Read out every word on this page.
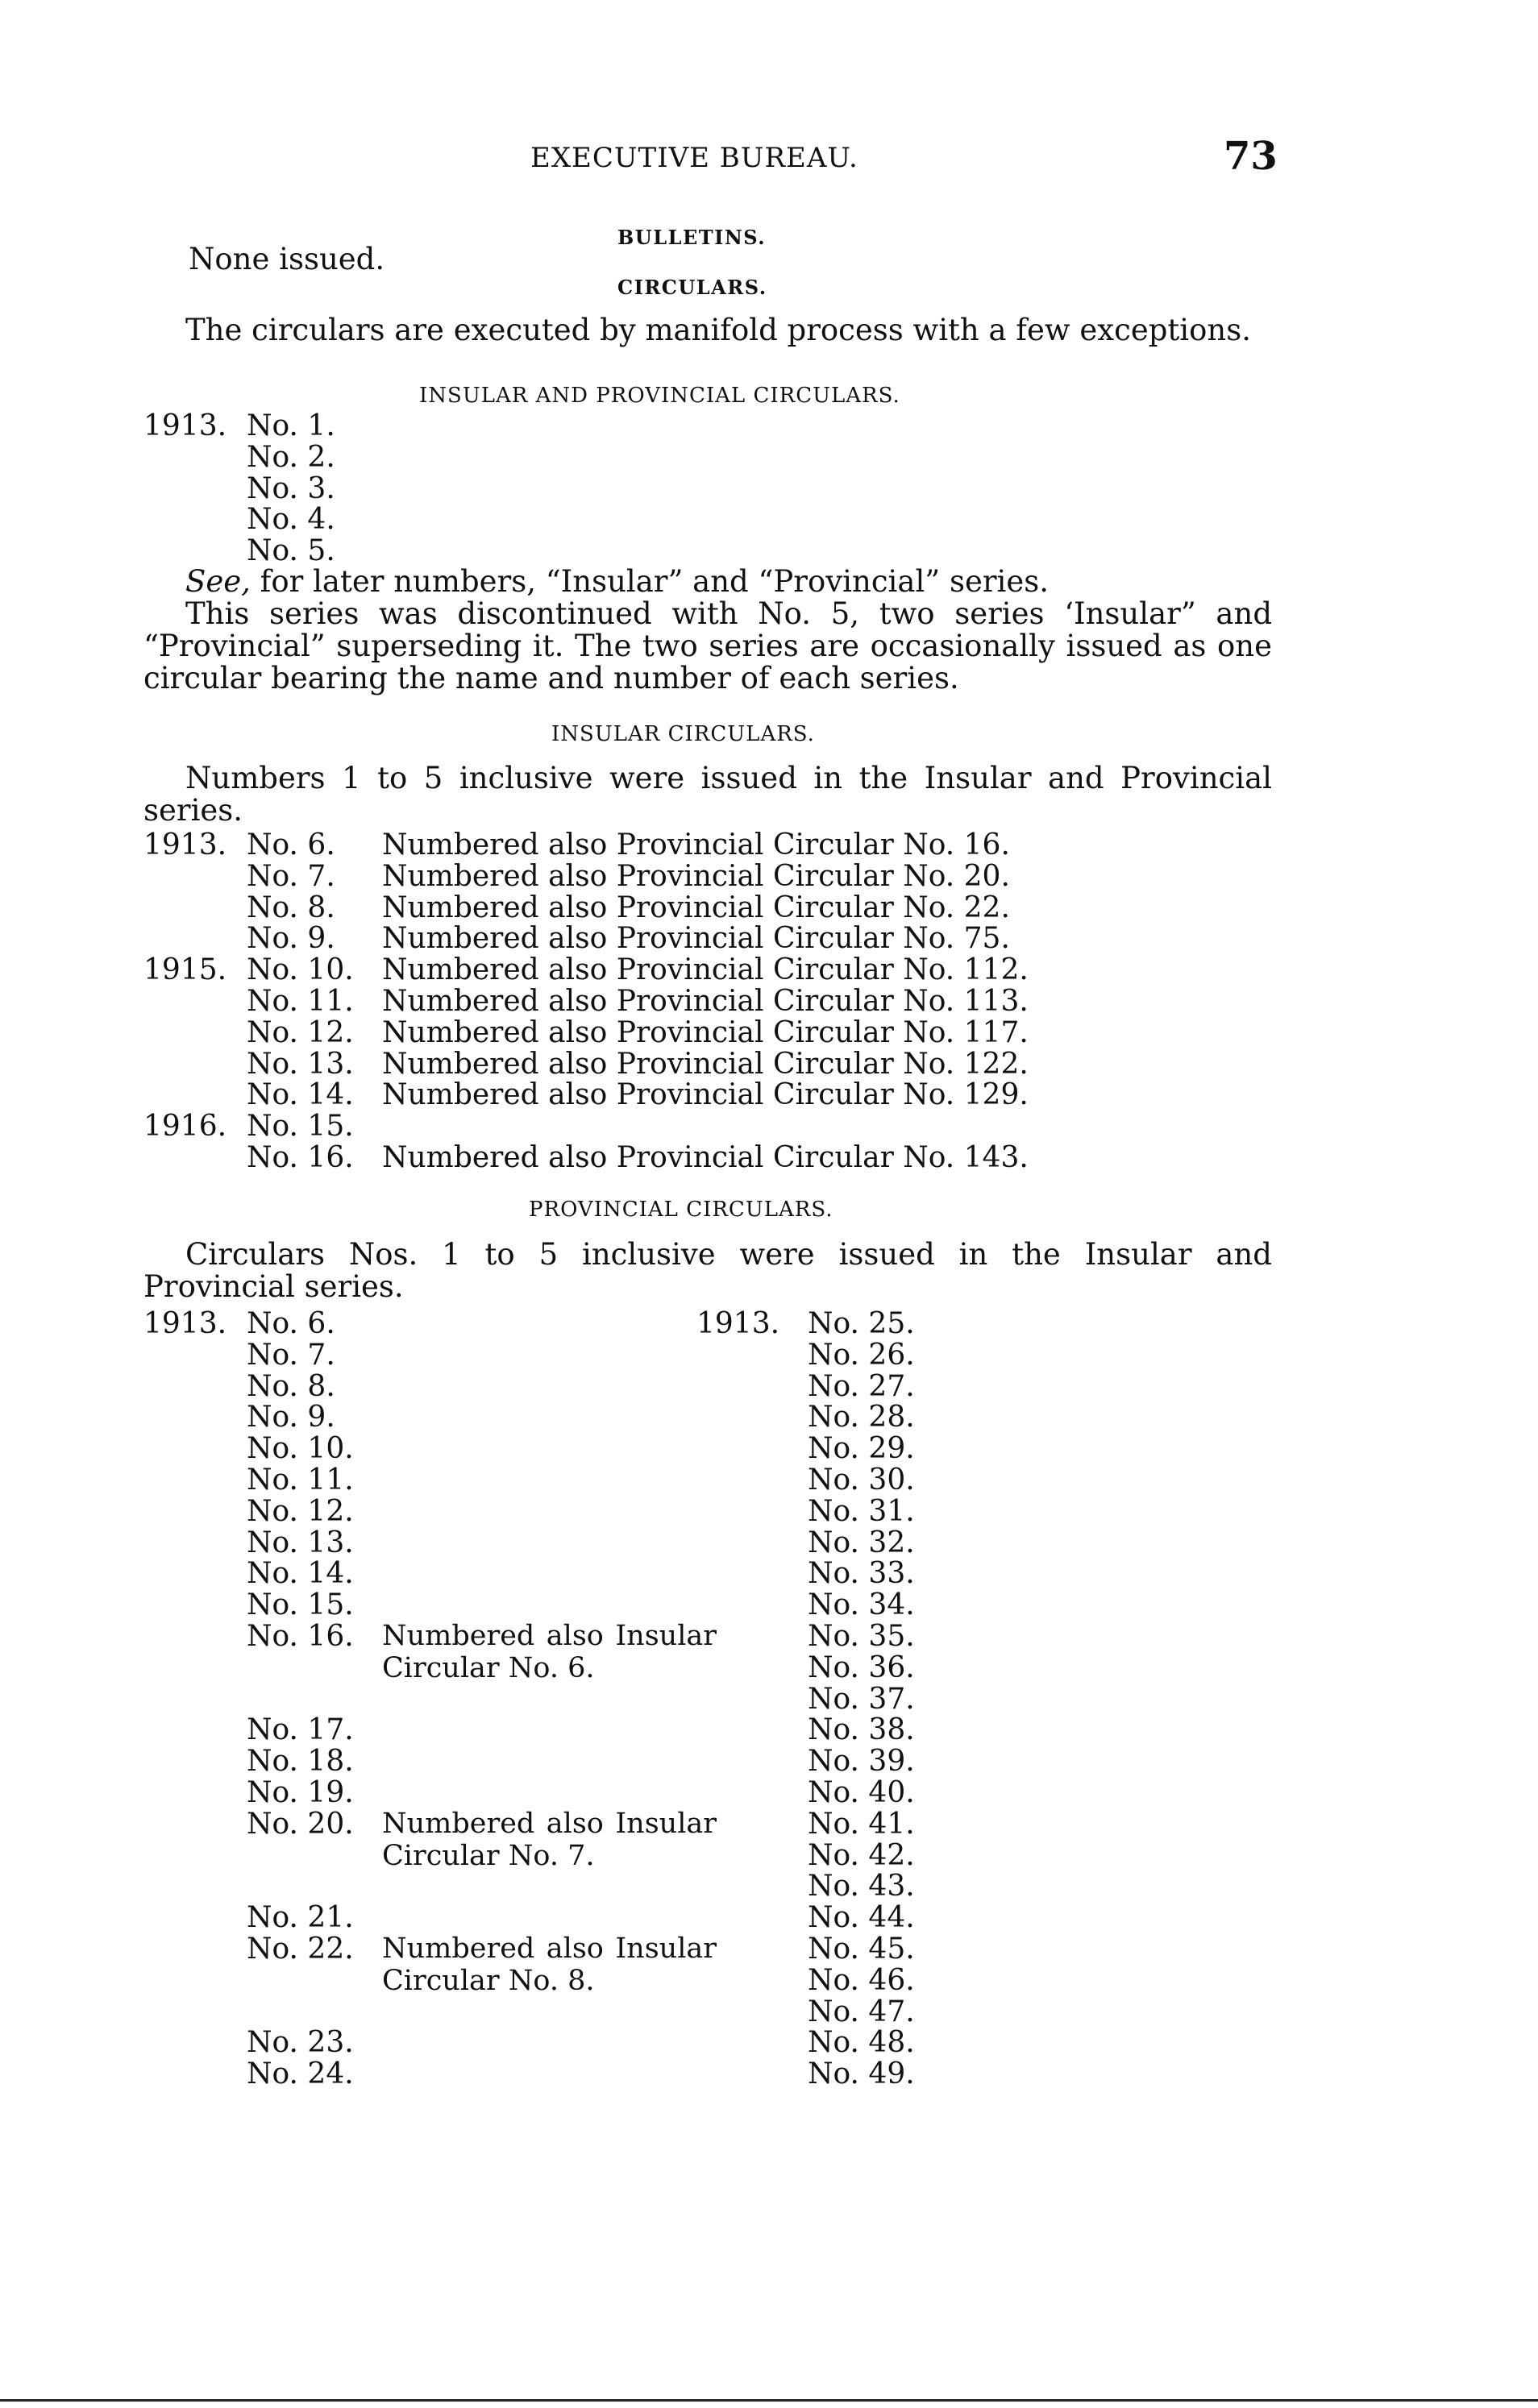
EXECUTIVE BUREAU.	73
BULLETINS.
None issued.
CIRCULARS.
The circulars are executed by manifold process with a few exceptions.
INSULAR AND PROVINCIAL CIRCULARS.
1913. No. 1.
No. 2.
No. 3.
No. 4.
No. 5.
See, for later numbers, “Insular” and “Provincial” series.
This series was discontinued with No. 5, two series ‘Insular” and “Provincial” superseding it. The two series are occasionally issued as one circular bearing the name and number of each series.
INSULAR CIRCULARS.
Numbers 1 to 5 inclusive were issued in the Insular and Provincial series.
1913. No. 6. Numbered also Provincial Circular No. 16.
No. 7. Numbered also Provincial Circular No. 20.
No. 8. Numbered also Provincial Circular No. 22.
No. 9. Numbered also Provincial Circular No. 75.
1915. No. 10. Numbered also Provincial Circular No. 112.
No. 11. Numbered also Provincial Circular No. 113.
No. 12. Numbered also Provincial Circular No. 117.
No. 13. Numbered also Provincial Circular No. 122.
No. 14. Numbered also Provincial Circular No. 129.
1916. No. 15.
No. 16. Numbered also Provincial Circular No. 143.
PROVINCIAL CIRCULARS.
Circulars Nos. 1 to 5 inclusive were issued in the Insular and Provincial series.
1913. No. 6.
No. 7.
No. 8.
No. 9.
No. 10.
No. 11.
No. 12.
No. 13.
No. 14.
No. 15.
No. 16. Numbered also Insular Circular No. 6.
No. 17.
No. 18.
No. 19.
No. 20. Numbered also Insular Circular No. 7.
No. 21.
No. 22. Numbered also Insular Circular No. 8.
No. 23.
No. 24.
1913. No. 25.
No. 26.
No. 27.
No. 28.
No. 29.
No. 30.
No. 31.
No. 32.
No. 33.
No. 34.
No. 35.
No. 36.
No. 37.
No. 38.
No. 39.
No. 40.
No. 41.
No. 42.
No. 43.
No. 44.
No. 45.
No. 46.
No. 47.
No. 48.
No. 49.
